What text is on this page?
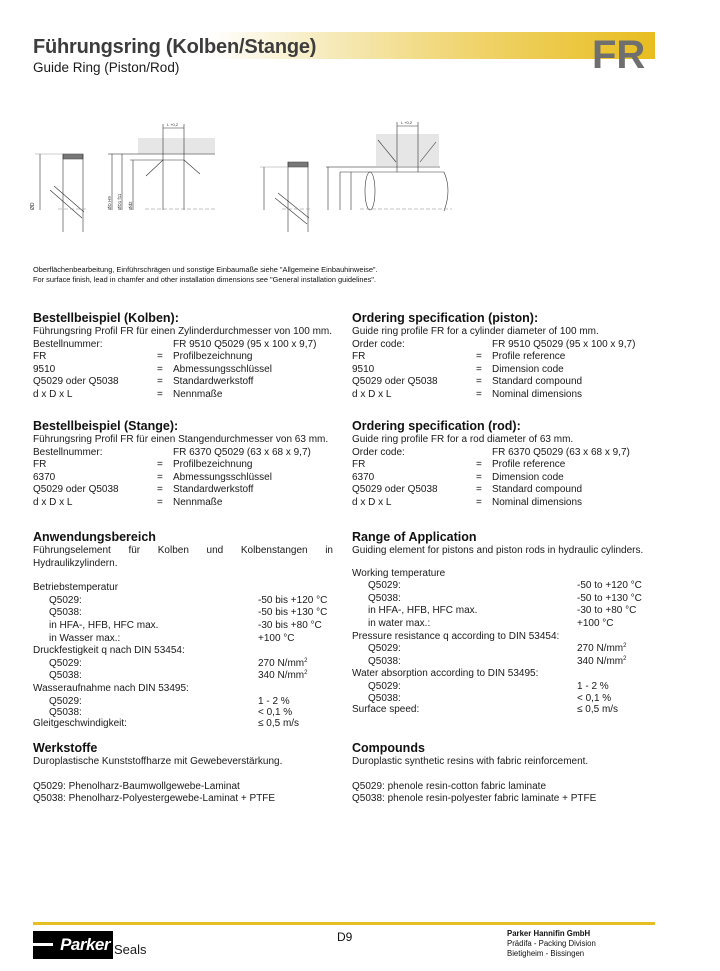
Führungsring (Kolben/Stange)
Guide Ring (Piston/Rod)	FR
ØD
L +0,2
ØD H9 ØD1 f11 Ød2
L +0,2
Oberflächenbearbeitung, Einführschrägen und sonstige Einbaumaße siehe "Allgemeine Einbauhinweise".
For surface finish, lead in chamfer and other installation dimensions see "General installation guidelines".
Bestellbeispiel (Kolben):
Führungsring Profil FR für einen Zylinderdurchmesser von 100 mm.
Bestellnummer:	FR 9510 Q5029 (95 x 100 x 9,7)
FR	=	Profilbezeichnung
9510	=	Abmessungsschlüssel
Q5029 oder Q5038	=	Standardwerkstoff
d x D x L	=	Nennmaße
Ordering specification (piston):
Guide ring profile FR for a cylinder diameter of 100 mm.
Order code:	FR 9510 Q5029 (95 x 100 x 9,7)
FR	=	Profile reference
9510	=	Dimension code
Q5029 oder Q5038	=	Standard compound
d x D x L	=	Nominal dimensions
Bestellbeispiel (Stange):
Führungsring Profil FR für einen Stangendurchmesser von 63 mm.
Bestellnummer:	FR 6370 Q5029 (63 x 68 x 9,7)
FR	=	Profilbezeichnung
6370	=	Abmessungsschlüssel
Q5029 oder Q5038	=	Standardwerkstoff
d x D x L	=	Nennmaße
Ordering specification (rod):
Guide ring profile FR for a rod diameter of 63 mm.
Order code:	FR 6370 Q5029 (63 x 68 x 9,7)
FR	=	Profile reference
6370	=	Dimension code
Q5029 oder Q5038	=	Standard compound
d x D x L	=	Nominal dimensions
Anwendungsbereich
Führungselement für Kolben und Kolbenstangen in Hydraulikzylindern.
Betriebstemperatur
Q5029:	-50 bis +120 °C
Q5038:	-50 bis +130 °C
in HFA-, HFB, HFC max.	-30 bis +80 °C
in Wasser max.:	+100 °C
Druckfestigkeit q nach DIN 53454:
Q5029:	270 $N/mm^2$
Q5038:	340 $N/mm^2$
Wasseraufnahme nach DIN 53495:
Q5029:	1 - 2 %
Q5038:	< 0,1 %
Gleitgeschwindigkeit:	≤ 0,5 m/s
Range of Application
Guiding element for pistons and piston rods in hydraulic cylinders.
Working temperature
Q5029:	-50 to +120 °C
Q5038:	-50 to +130 °C
in HFA-, HFB, HFC max.	-30 to +80 °C
in water max.:	+100 °C
Pressure resistance q according to DIN 53454:
Q5029:	270 $N/mm^2$
Q5038:	340 $N/mm^2$
Water absorption according to DIN 53495:
Q5029:	1 - 2 %
Q5038:	< 0,1 %
Surface speed:	≤ 0,5 m/s
Werkstoffe
Duroplastische Kunststoffharze mit Gewebeverstärkung.
Q5029: Phenolharz-Baumwollgewebe-Laminat
Q5038: Phenolharz-Polyestergewebe-Laminat + PTFE
Compounds
Duroplastic synthetic resins with fabric reinforcement.
Q5029: phenole resin-cotton fabric laminate
Q5038: phenole resin-polyester fabric laminate + PTFE
Parker Seals
D9	Parker Hannifin GmbH
Prädifa - Packing Division
Bietigheim - Bissingen
